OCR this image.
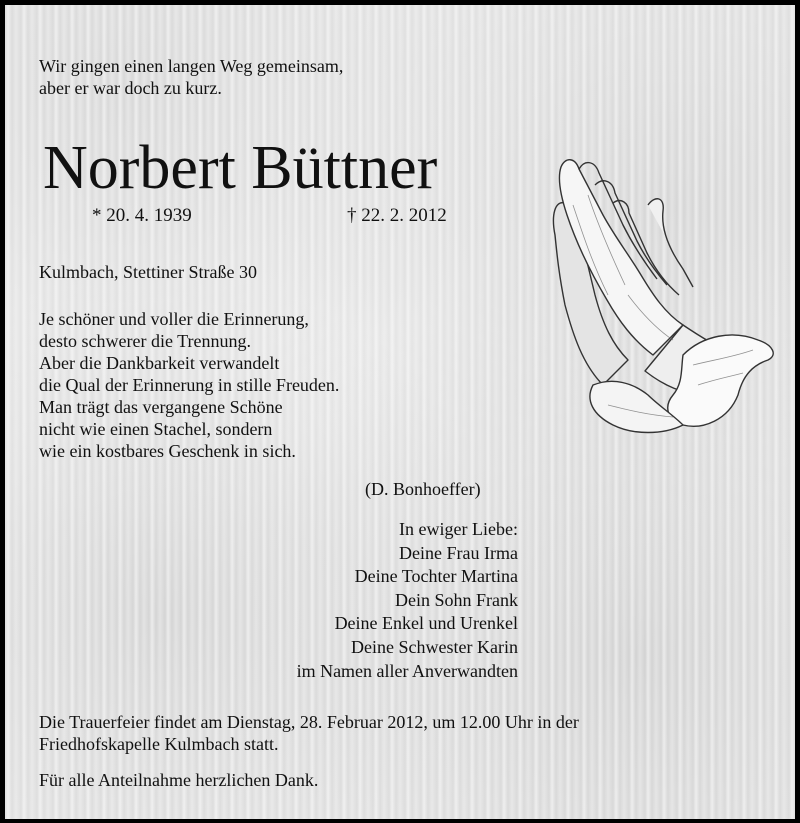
Wir gingen einen langen Weg gemeinsam,
aber er war doch zu kurz.
Norbert Büttner
* 20. 4. 1939	† 22. 2. 2012
Kulmbach, Stettiner Straße 30
Je schöner und voller die Erinnerung,
desto schwerer die Trennung.
Aber die Dankbarkeit verwandelt
die Qual der Erinnerung in stille Freuden.
Man trägt das vergangene Schöne
nicht wie einen Stachel, sondern
wie ein kostbares Geschenk in sich.
(D. Bonhoeffer)
In ewiger Liebe:
Deine Frau Irma
Deine Tochter Martina
Dein Sohn Frank
Deine Enkel und Urenkel
Deine Schwester Karin
im Namen aller Anverwandten
Die Trauerfeier findet am Dienstag, 28. Februar 2012, um 12.00 Uhr in der
Friedhofskapelle Kulmbach statt.
Für alle Anteilnahme herzlichen Dank.
